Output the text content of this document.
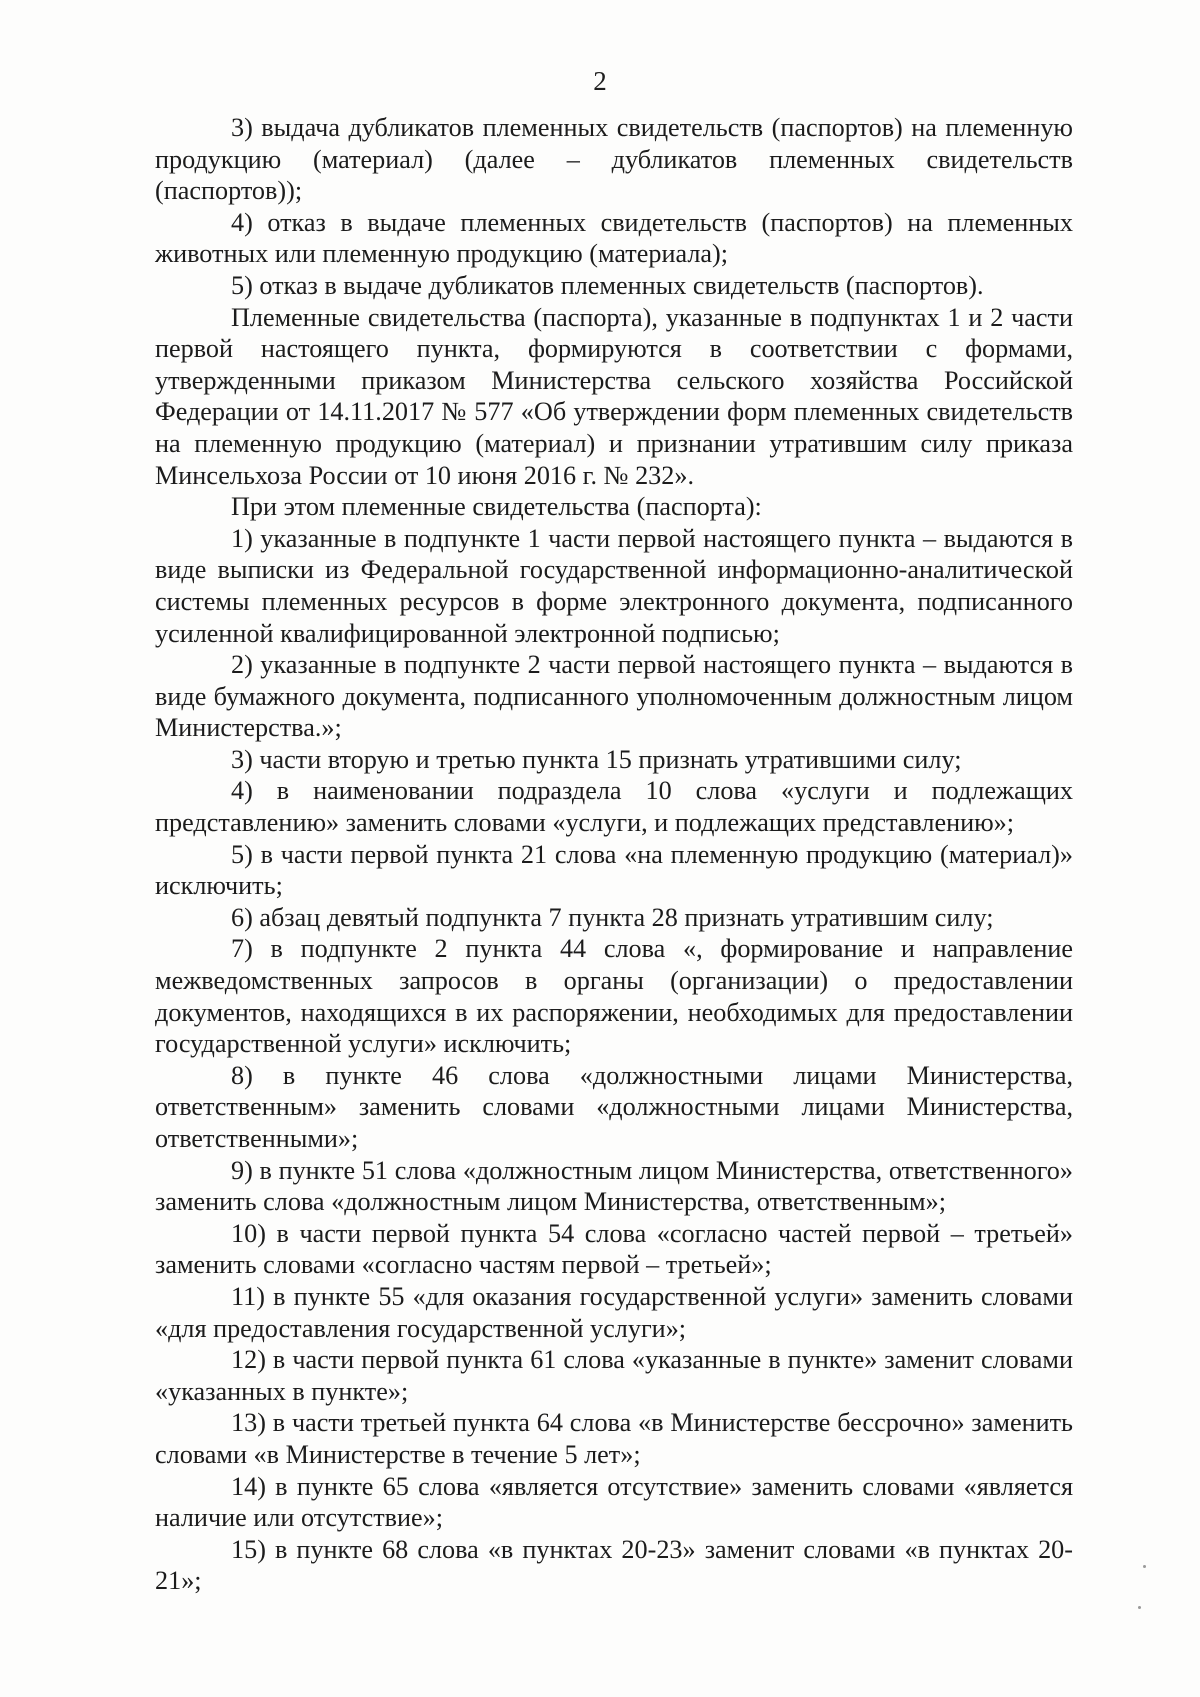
2

3) выдача дубликатов племенных свидетельств (паспортов) на племенную продукцию (материал) (далее – дубликатов племенных свидетельств (паспортов));

4) отказ в выдаче племенных свидетельств (паспортов) на племенных животных или племенную продукцию (материала);

5) отказ в выдаче дубликатов племенных свидетельств (паспортов).

Племенные свидетельства (паспорта), указанные в подпунктах 1 и 2 части первой настоящего пункта, формируются в соответствии с формами, утвержденными приказом Министерства сельского хозяйства Российской Федерации от 14.11.2017 № 577 «Об утверждении форм племенных свидетельств на племенную продукцию (материал) и признании утратившим силу приказа Минсельхоза России от 10 июня 2016 г. № 232».

При этом племенные свидетельства (паспорта):

1) указанные в подпункте 1 части первой настоящего пункта – выдаются в виде выписки из Федеральной государственной информационно-аналитической системы племенных ресурсов в форме электронного документа, подписанного усиленной квалифицированной электронной подписью;

2) указанные в подпункте 2 части первой настоящего пункта – выдаются в виде бумажного документа, подписанного уполномоченным должностным лицом Министерства.»;

3) части вторую и третью пункта 15 признать утратившими силу;

4) в наименовании подраздела 10 слова «услуги и подлежащих представлению» заменить словами «услуги, и подлежащих представлению»;

5) в части первой пункта 21 слова «на племенную продукцию (материал)» исключить;

6) абзац девятый подпункта 7 пункта 28 признать утратившим силу;

7) в подпункте 2 пункта 44 слова «, формирование и направление межведомственных запросов в органы (организации) о предоставлении документов, находящихся в их распоряжении, необходимых для предоставлении государственной услуги» исключить;

8) в пункте 46 слова «должностными лицами Министерства, ответственным» заменить словами «должностными лицами Министерства, ответственными»;

9) в пункте 51 слова «должностным лицом Министерства, ответственного» заменить слова «должностным лицом Министерства, ответственным»;

10) в части первой пункта 54 слова «согласно частей первой – третьей» заменить словами «согласно частям первой – третьей»;

11) в пункте 55 «для оказания государственной услуги» заменить словами «для предоставления государственной услуги»;

12) в части первой пункта 61 слова «указанные в пункте» заменит словами «указанных в пункте»;

13) в части третьей пункта 64 слова «в Министерстве бессрочно» заменить словами «в Министерстве в течение 5 лет»;

14) в пункте 65 слова «является отсутствие» заменить словами «является наличие или отсутствие»;

15) в пункте 68 слова «в пунктах 20-23» заменит словами «в пунктах 20-21»;
